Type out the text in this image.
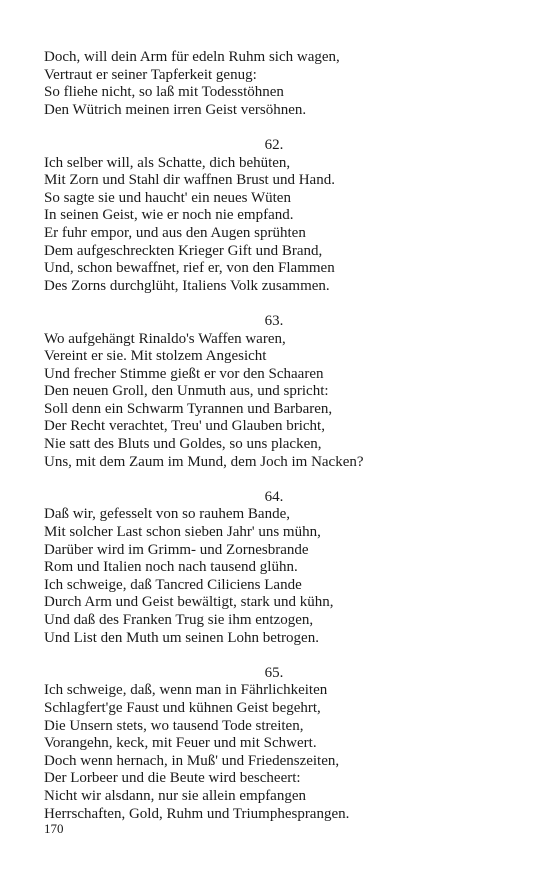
Doch, will dein Arm für edeln Ruhm sich wagen,
Vertraut er seiner Tapferkeit genug:
So fliehe nicht, so laß mit Todesstöhnen
Den Wütrich meinen irren Geist versöhnen.
62.
Ich selber will, als Schatte, dich behüten,
Mit Zorn und Stahl dir waffnen Brust und Hand.
So sagte sie und haucht' ein neues Wüten
In seinen Geist, wie er noch nie empfand.
Er fuhr empor, und aus den Augen sprühten
Dem aufgeschreckten Krieger Gift und Brand,
Und, schon bewaffnet, rief er, von den Flammen
Des Zorns durchglüht, Italiens Volk zusammen.
63.
Wo aufgehängt Rinaldo's Waffen waren,
Vereint er sie. Mit stolzem Angesicht
Und frecher Stimme gießt er vor den Schaaren
Den neuen Groll, den Unmuth aus, und spricht:
Soll denn ein Schwarm Tyrannen und Barbaren,
Der Recht verachtet, Treu' und Glauben bricht,
Nie satt des Bluts und Goldes, so uns placken,
Uns, mit dem Zaum im Mund, dem Joch im Nacken?
64.
Daß wir, gefesselt von so rauhem Bande,
Mit solcher Last schon sieben Jahr' uns mühn,
Darüber wird im Grimm- und Zornesbrande
Rom und Italien noch nach tausend glühn.
Ich schweige, daß Tancred Ciliciens Lande
Durch Arm und Geist bewältigt, stark und kühn,
Und daß des Franken Trug sie ihm entzogen,
Und List den Muth um seinen Lohn betrogen.
65.
Ich schweige, daß, wenn man in Fährlichkeiten
Schlagfert'ge Faust und kühnen Geist begehrt,
Die Unsern stets, wo tausend Tode streiten,
Vorangehn, keck, mit Feuer und mit Schwert.
Doch wenn hernach, in Muß' und Friedenszeiten,
Der Lorbeer und die Beute wird bescheert:
Nicht wir alsdann, nur sie allein empfangen
Herrschaften, Gold, Ruhm und Triumphesprangen.
170
